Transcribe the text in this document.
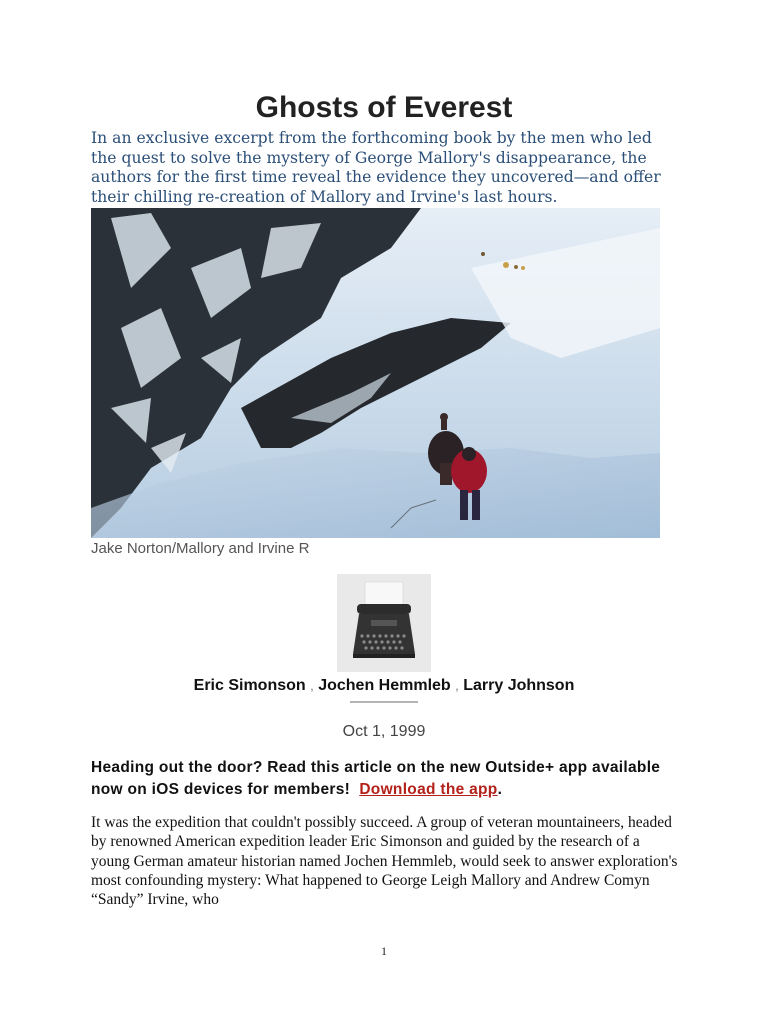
Ghosts of Everest

In an exclusive excerpt from the forthcoming book by the men who led the quest to solve the mystery of George Mallory's disappearance, the authors for the first time reveal the evidence they uncovered—and offer their chilling re-creation of Mallory and Irvine's last hours.

Jake Norton/Mallory and Irvine R
Eric Simonson , Jochen Hemmleb , Larry Johnson
Oct 1, 1999
Heading out the door? Read this article on the new Outside+ app available now on iOS devices for members! Download the app.

It was the expedition that couldn't possibly succeed. A group of veteran mountaineers, headed by renowned American expedition leader Eric Simonson and guided by the research of a young German amateur historian named Jochen Hemmleb, would seek to answer exploration's most confounding mystery: What happened to George Leigh Mallory and Andrew Comyn “Sandy” Irvine, who

1
